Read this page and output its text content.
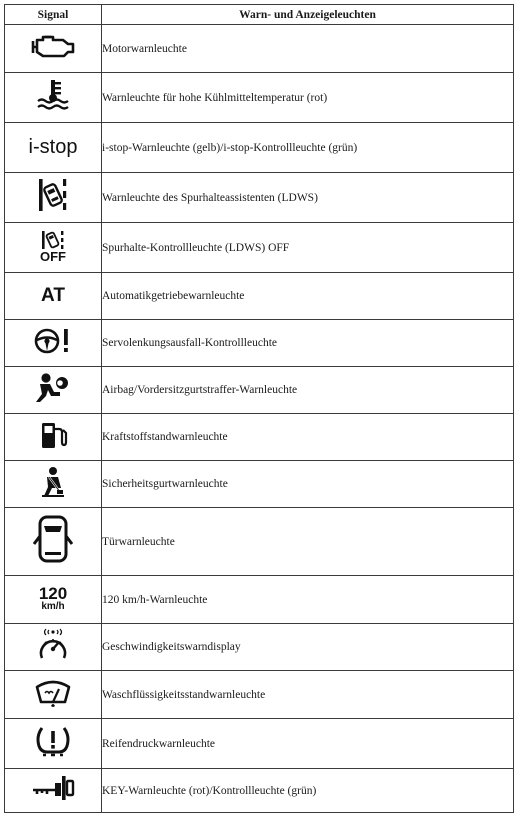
Signal	Warn- und Anzeigeleuchten

	Motorwarnleuchte

	Warnleuchte für hohe Kühlmitteltemperatur (rot)
i-stop	i-stop-Warnleuchte (gelb)/i-stop-Kontrollleuchte (grün)

	Warnleuchte des Spurhalteassistenten (LDWS)

OFF	Spurhalte-Kontrollleuchte (LDWS) OFF
AT	Automatikgetriebewarnleuchte

	Servolenkungsausfall-Kontrollleuchte

	Airbag/Vordersitzgurtstraffer-Warnleuchte

	Kraftstoffstandwarnleuchte

	Sicherheitsgurtwarnleuchte

	Türwarnleuchte

120
km/h	120 km/h-Warnleuchte

	Geschwindigkeitswarndisplay

	Waschflüssigkeitsstandwarnleuchte

	Reifendruckwarnleuchte

	KEY-Warnleuchte (rot)/Kontrollleuchte (grün)
